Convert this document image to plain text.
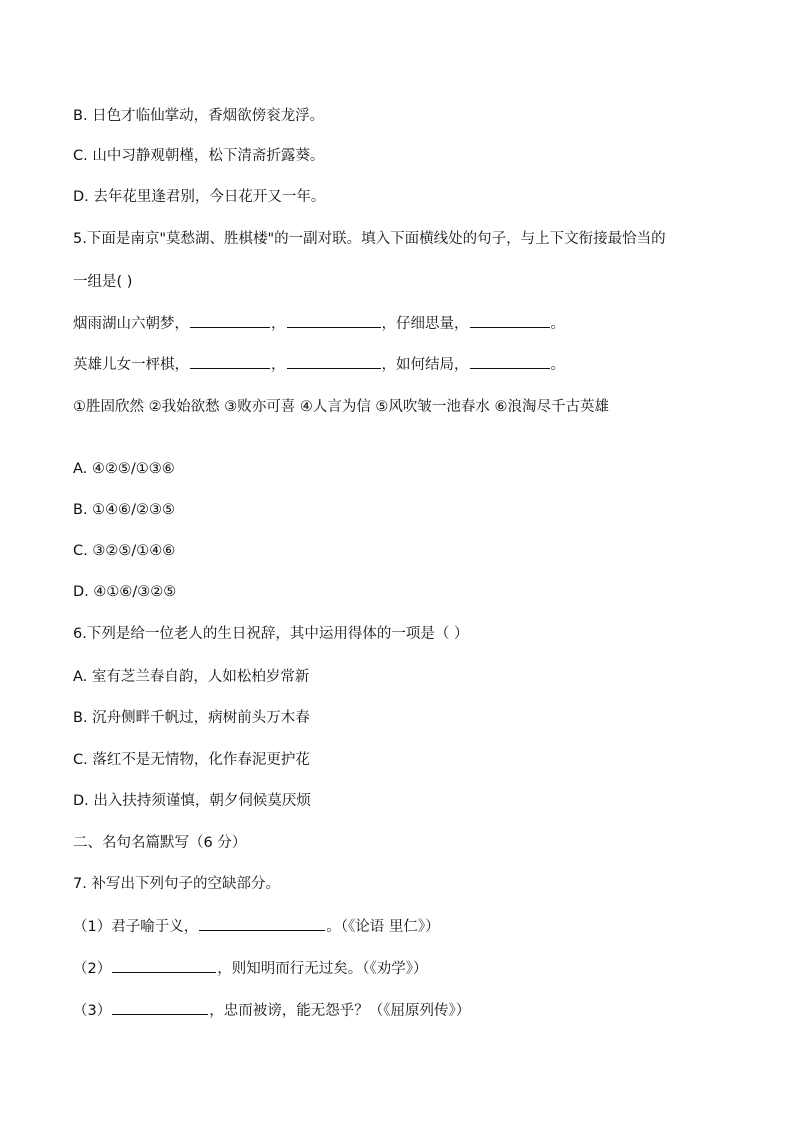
B. 日色才临仙掌动，香烟欲傍衮龙浮。
C. 山中习静观朝槿，松下清斋折露葵。
D. 去年花里逢君别，今日花开又一年。
5.下面是南京"莫愁湖、胜棋楼"的一副对联。填入下面横线处的句子，与上下文衔接最恰当的
一组是( )
烟雨湖山六朝梦，	，	，仔细思量，	。
英雄儿女一枰棋，	，	，如何结局，	。
①胜固欣然 ②我始欲愁 ③败亦可喜 ④人言为信 ⑤风吹皱一池春水 ⑥浪淘尽千古英雄
A. ④②⑤/①③⑥
B. ①④⑥/②③⑤
C. ③②⑤/①④⑥
D. ④①⑥/③②⑤
6.下列是给一位老人的生日祝辞，其中运用得体的一项是（ ）
A. 室有芝兰春自韵，人如松柏岁常新
B. 沉舟侧畔千帆过，病树前头万木春
C. 落红不是无情物，化作春泥更护花
D. 出入扶持须谨慎，朝夕伺候莫厌烦
二、名句名篇默写（6 分）
7. 补写出下列句子的空缺部分。
（1）君子喻于义，	。（《论语 里仁》）
（2）	，则知明而行无过矣。（《劝学》）
（3）	，忠而被谤，能无怨乎？（《屈原列传》）
